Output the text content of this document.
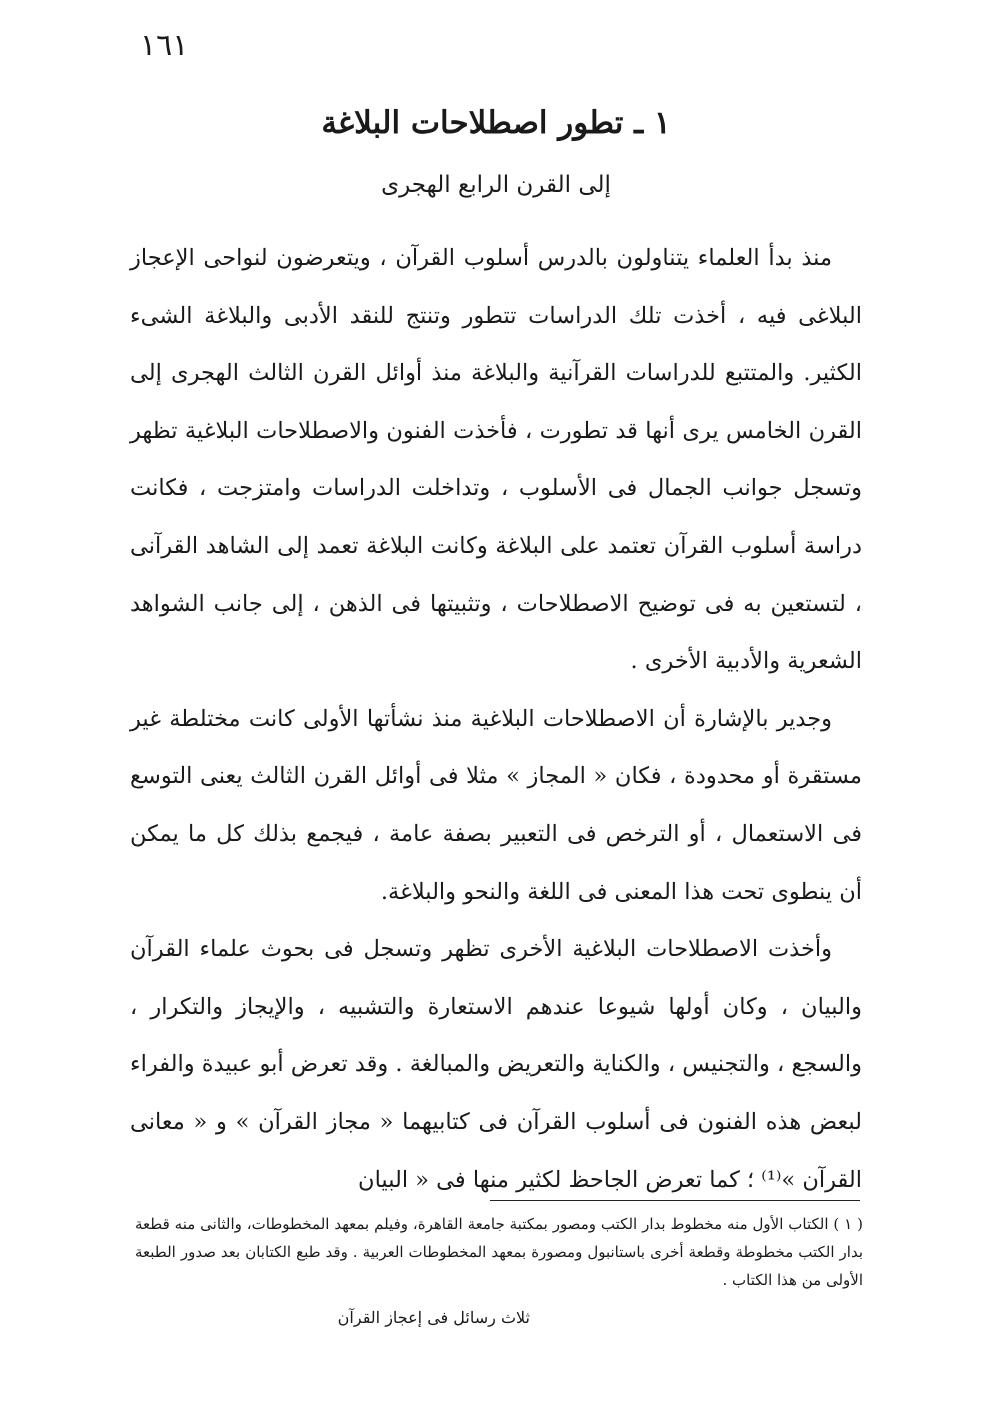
١٦١
١ ـ تطور اصطلاحات البلاغة
إلى القرن الرابع الهجرى

منذ بدأ العلماء يتناولون بالدرس أسلوب القرآن ، ويتعرضون لنواحى الإعجاز البلاغى فيه ، أخذت تلك الدراسات تتطور وتنتج للنقد الأدبى والبلاغة الشىء الكثير. والمتتبع للدراسات القرآنية والبلاغة منذ أوائل القرن الثالث الهجرى إلى القرن الخامس يرى أنها قد تطورت ، فأخذت الفنون والاصطلاحات البلاغية تظهر وتسجل جوانب الجمال فى الأسلوب ، وتداخلت الدراسات وامتزجت ، فكانت دراسة أسلوب القرآن تعتمد على البلاغة وكانت البلاغة تعمد إلى الشاهد القرآنى ، لتستعين به فى توضيح الاصطلاحات ، وتثبيتها فى الذهن ، إلى جانب الشواهد الشعرية والأدبية الأخرى .

وجدير بالإشارة أن الاصطلاحات البلاغية منذ نشأتها الأولى كانت مختلطة غير مستقرة أو محدودة ، فكان « المجاز » مثلا فى أوائل القرن الثالث يعنى التوسع فى الاستعمال ، أو الترخص فى التعبير بصفة عامة ، فيجمع بذلك كل ما يمكن أن ينطوى تحت هذا المعنى فى اللغة والنحو والبلاغة.

وأخذت الاصطلاحات البلاغية الأخرى تظهر وتسجل فى بحوث علماء القرآن والبيان ، وكان أولها شيوعا عندهم الاستعارة والتشبيه ، والإيجاز والتكرار ، والسجع ، والتجنيس ، والكناية والتعريض والمبالغة . وقد تعرض أبو عبيدة والفراء لبعض هذه الفنون فى أسلوب القرآن فى كتابيهما « مجاز القرآن » و « معانى القرآن »⁽¹⁾ ؛ كما تعرض الجاحظ لكثير منها فى « البيان

( ١ ) الكتاب الأول منه مخطوط بدار الكتب ومصور بمكتبة جامعة القاهرة، وفيلم بمعهد المخطوطات، والثانى منه قطعة بدار الكتب مخطوطة وقطعة أخرى باستانبول ومصورة بمعهد المخطوطات العربية . وقد طبع الكتابان بعد صدور الطبعة الأولى من هذا الكتاب .

ثلاث رسائل فى إعجاز القرآن
